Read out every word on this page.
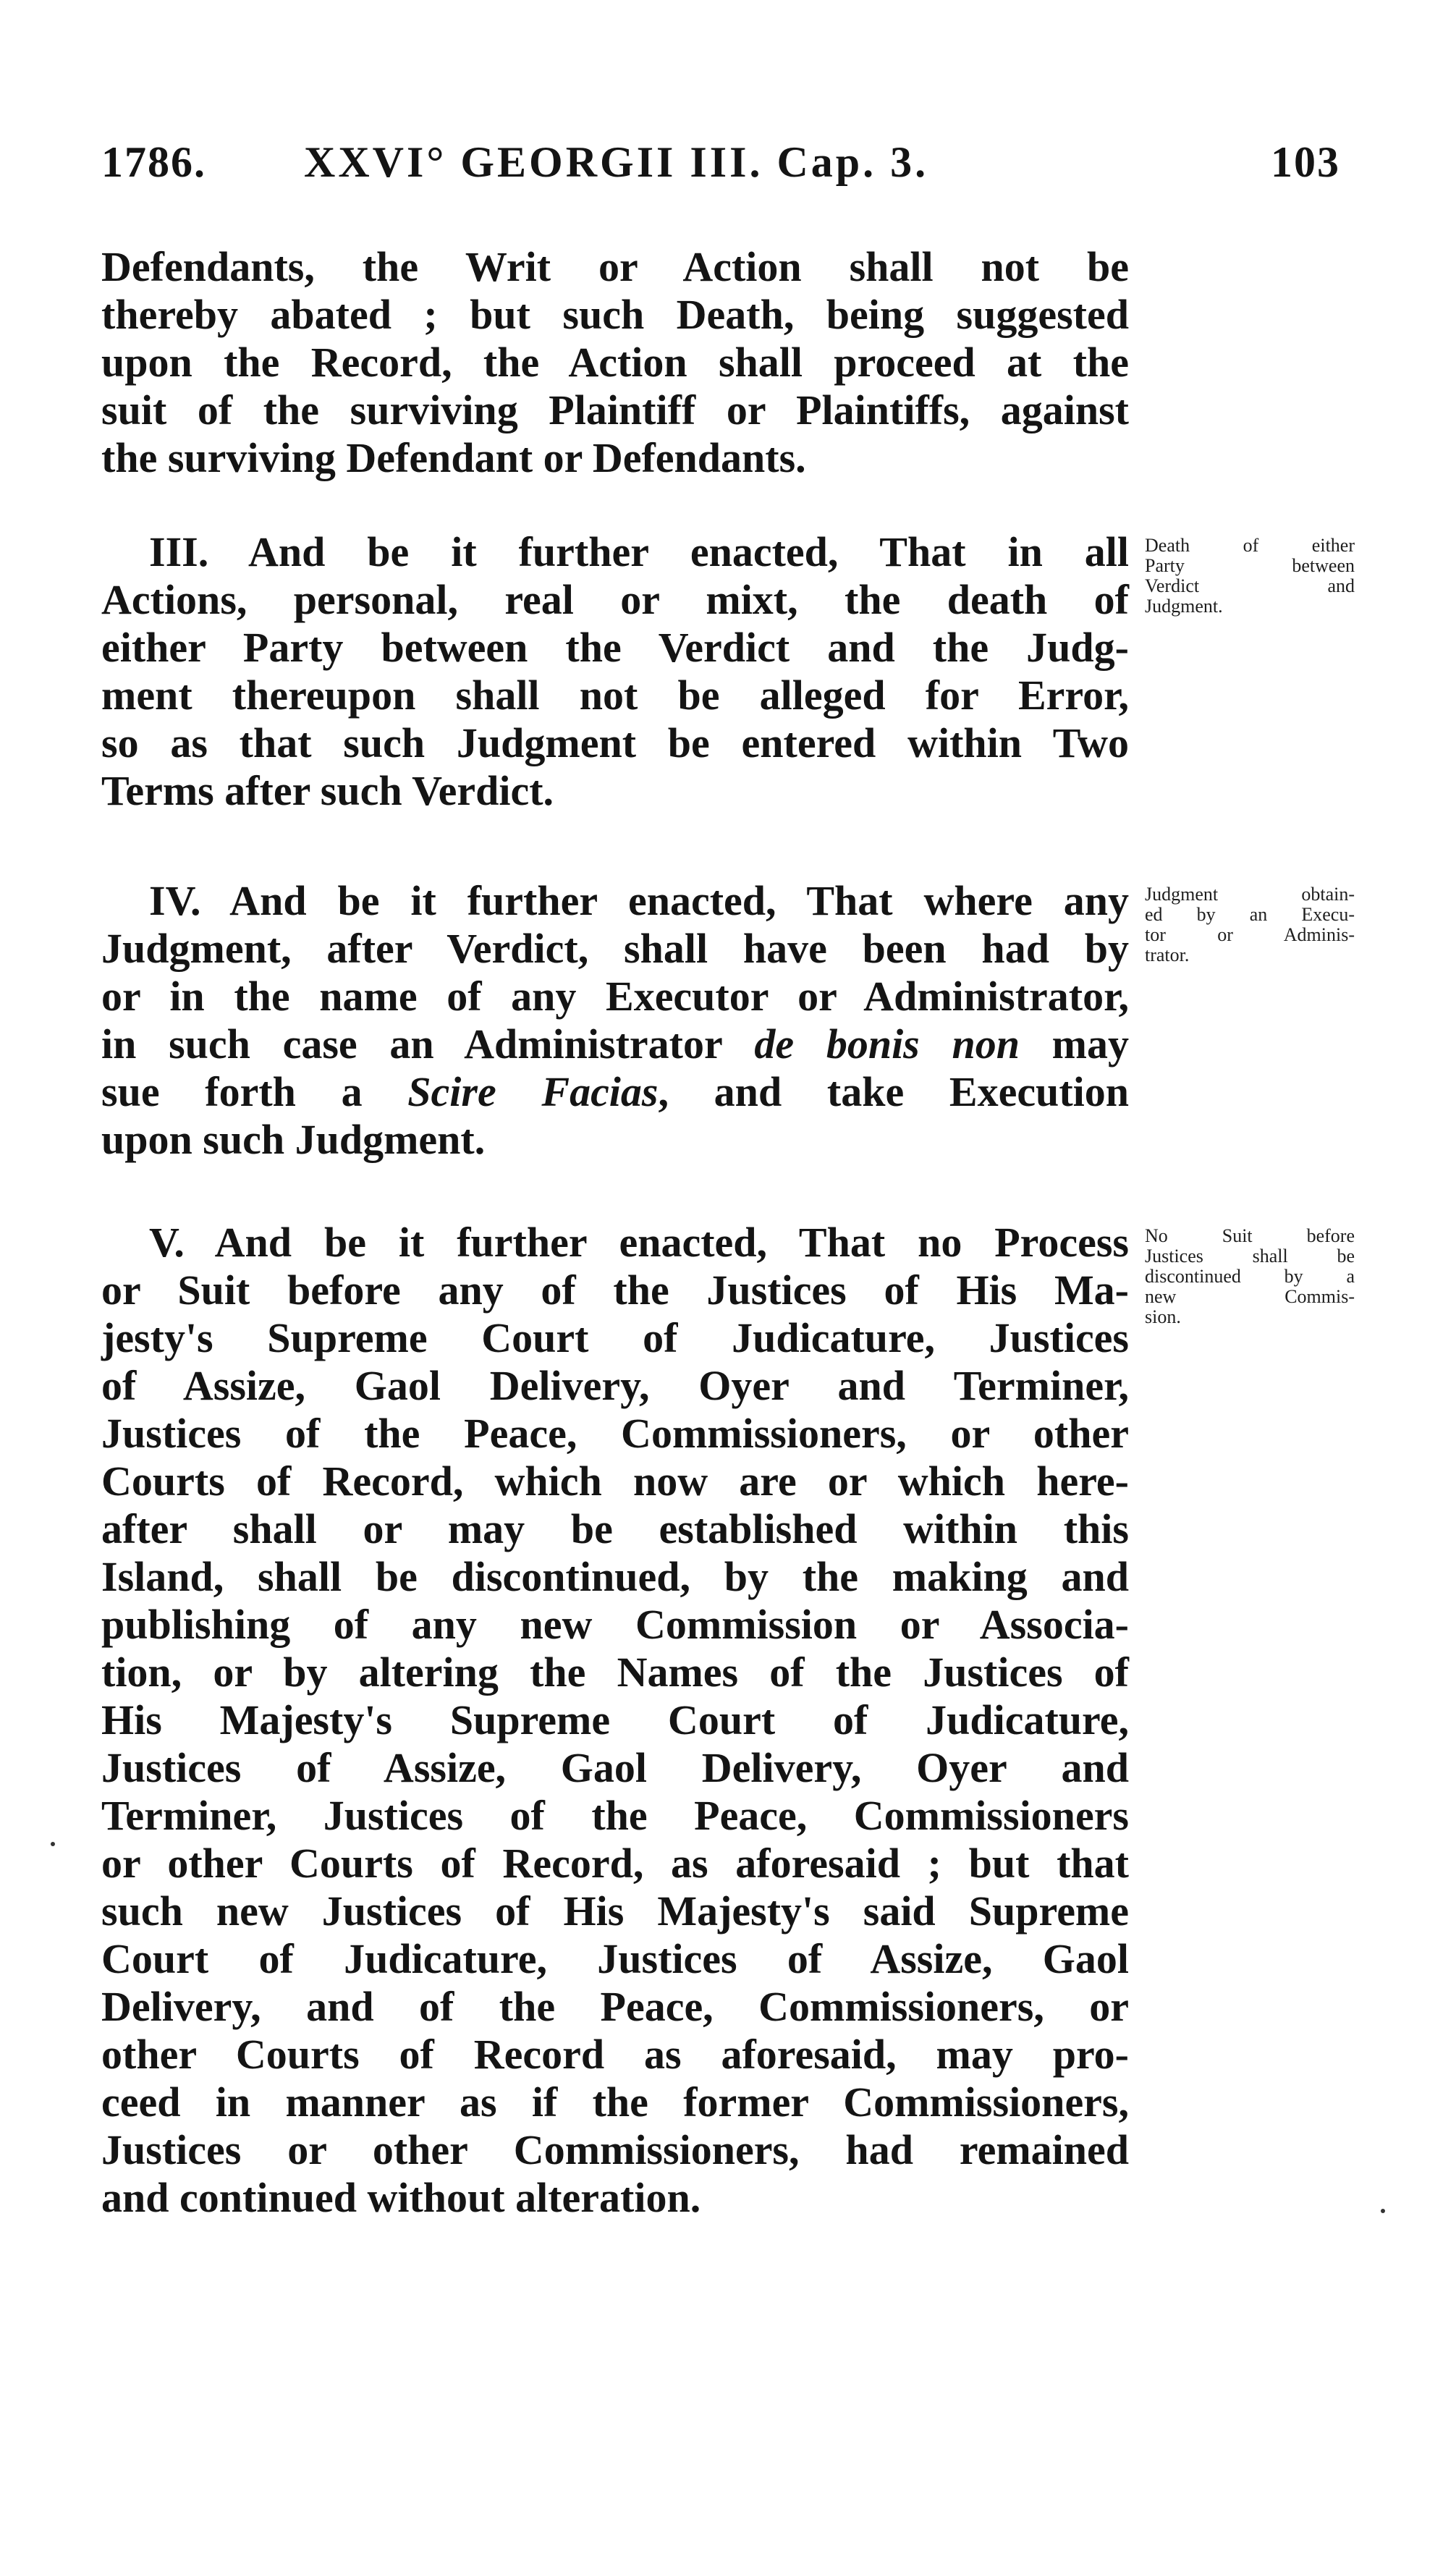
1786. XXVI° GEORGII III. Cap. 3.	103
Defendants, the Writ or Action shall not be
thereby abated ; but such Death, being suggested
upon the Record, the Action shall proceed at the
suit of the surviving Plaintiff or Plaintiffs, against
the surviving Defendant or Defendants.
III. And be it further enacted, That in all
Actions, personal, real or mixt, the death of
either Party between the Verdict and the Judg-
ment thereupon shall not be alleged for Error,
so as that such Judgment be entered within Two
Terms after such Verdict.
Death of either
Party between
Verdict and
Judgment.
IV. And be it further enacted, That where any
Judgment, after Verdict, shall have been had by
or in the name of any Executor or Administrator,
in such case an Administrator de bonis non may
sue forth a Scire Facias, and take Execution
upon such Judgment.
Judgment obtain-
ed by an Execu-
tor or Adminis-
trator.
V. And be it further enacted, That no Process
or Suit before any of the Justices of His Ma-
jesty's Supreme Court of Judicature, Justices
of Assize, Gaol Delivery, Oyer and Terminer,
Justices of the Peace, Commissioners, or other
Courts of Record, which now are or which here-
after shall or may be established within this
Island, shall be discontinued, by the making and
publishing of any new Commission or Associa-
tion, or by altering the Names of the Justices of
His Majesty's Supreme Court of Judicature,
Justices of Assize, Gaol Delivery, Oyer and
Terminer, Justices of the Peace, Commissioners
or other Courts of Record, as aforesaid ; but that
such new Justices of His Majesty's said Supreme
Court of Judicature, Justices of Assize, Gaol
Delivery, and of the Peace, Commissioners, or
other Courts of Record as aforesaid, may pro-
ceed in manner as if the former Commissioners,
Justices or other Commissioners, had remained
and continued without alteration.
No Suit before
Justices shall be
discontinued by a
new Commis-
sion.
